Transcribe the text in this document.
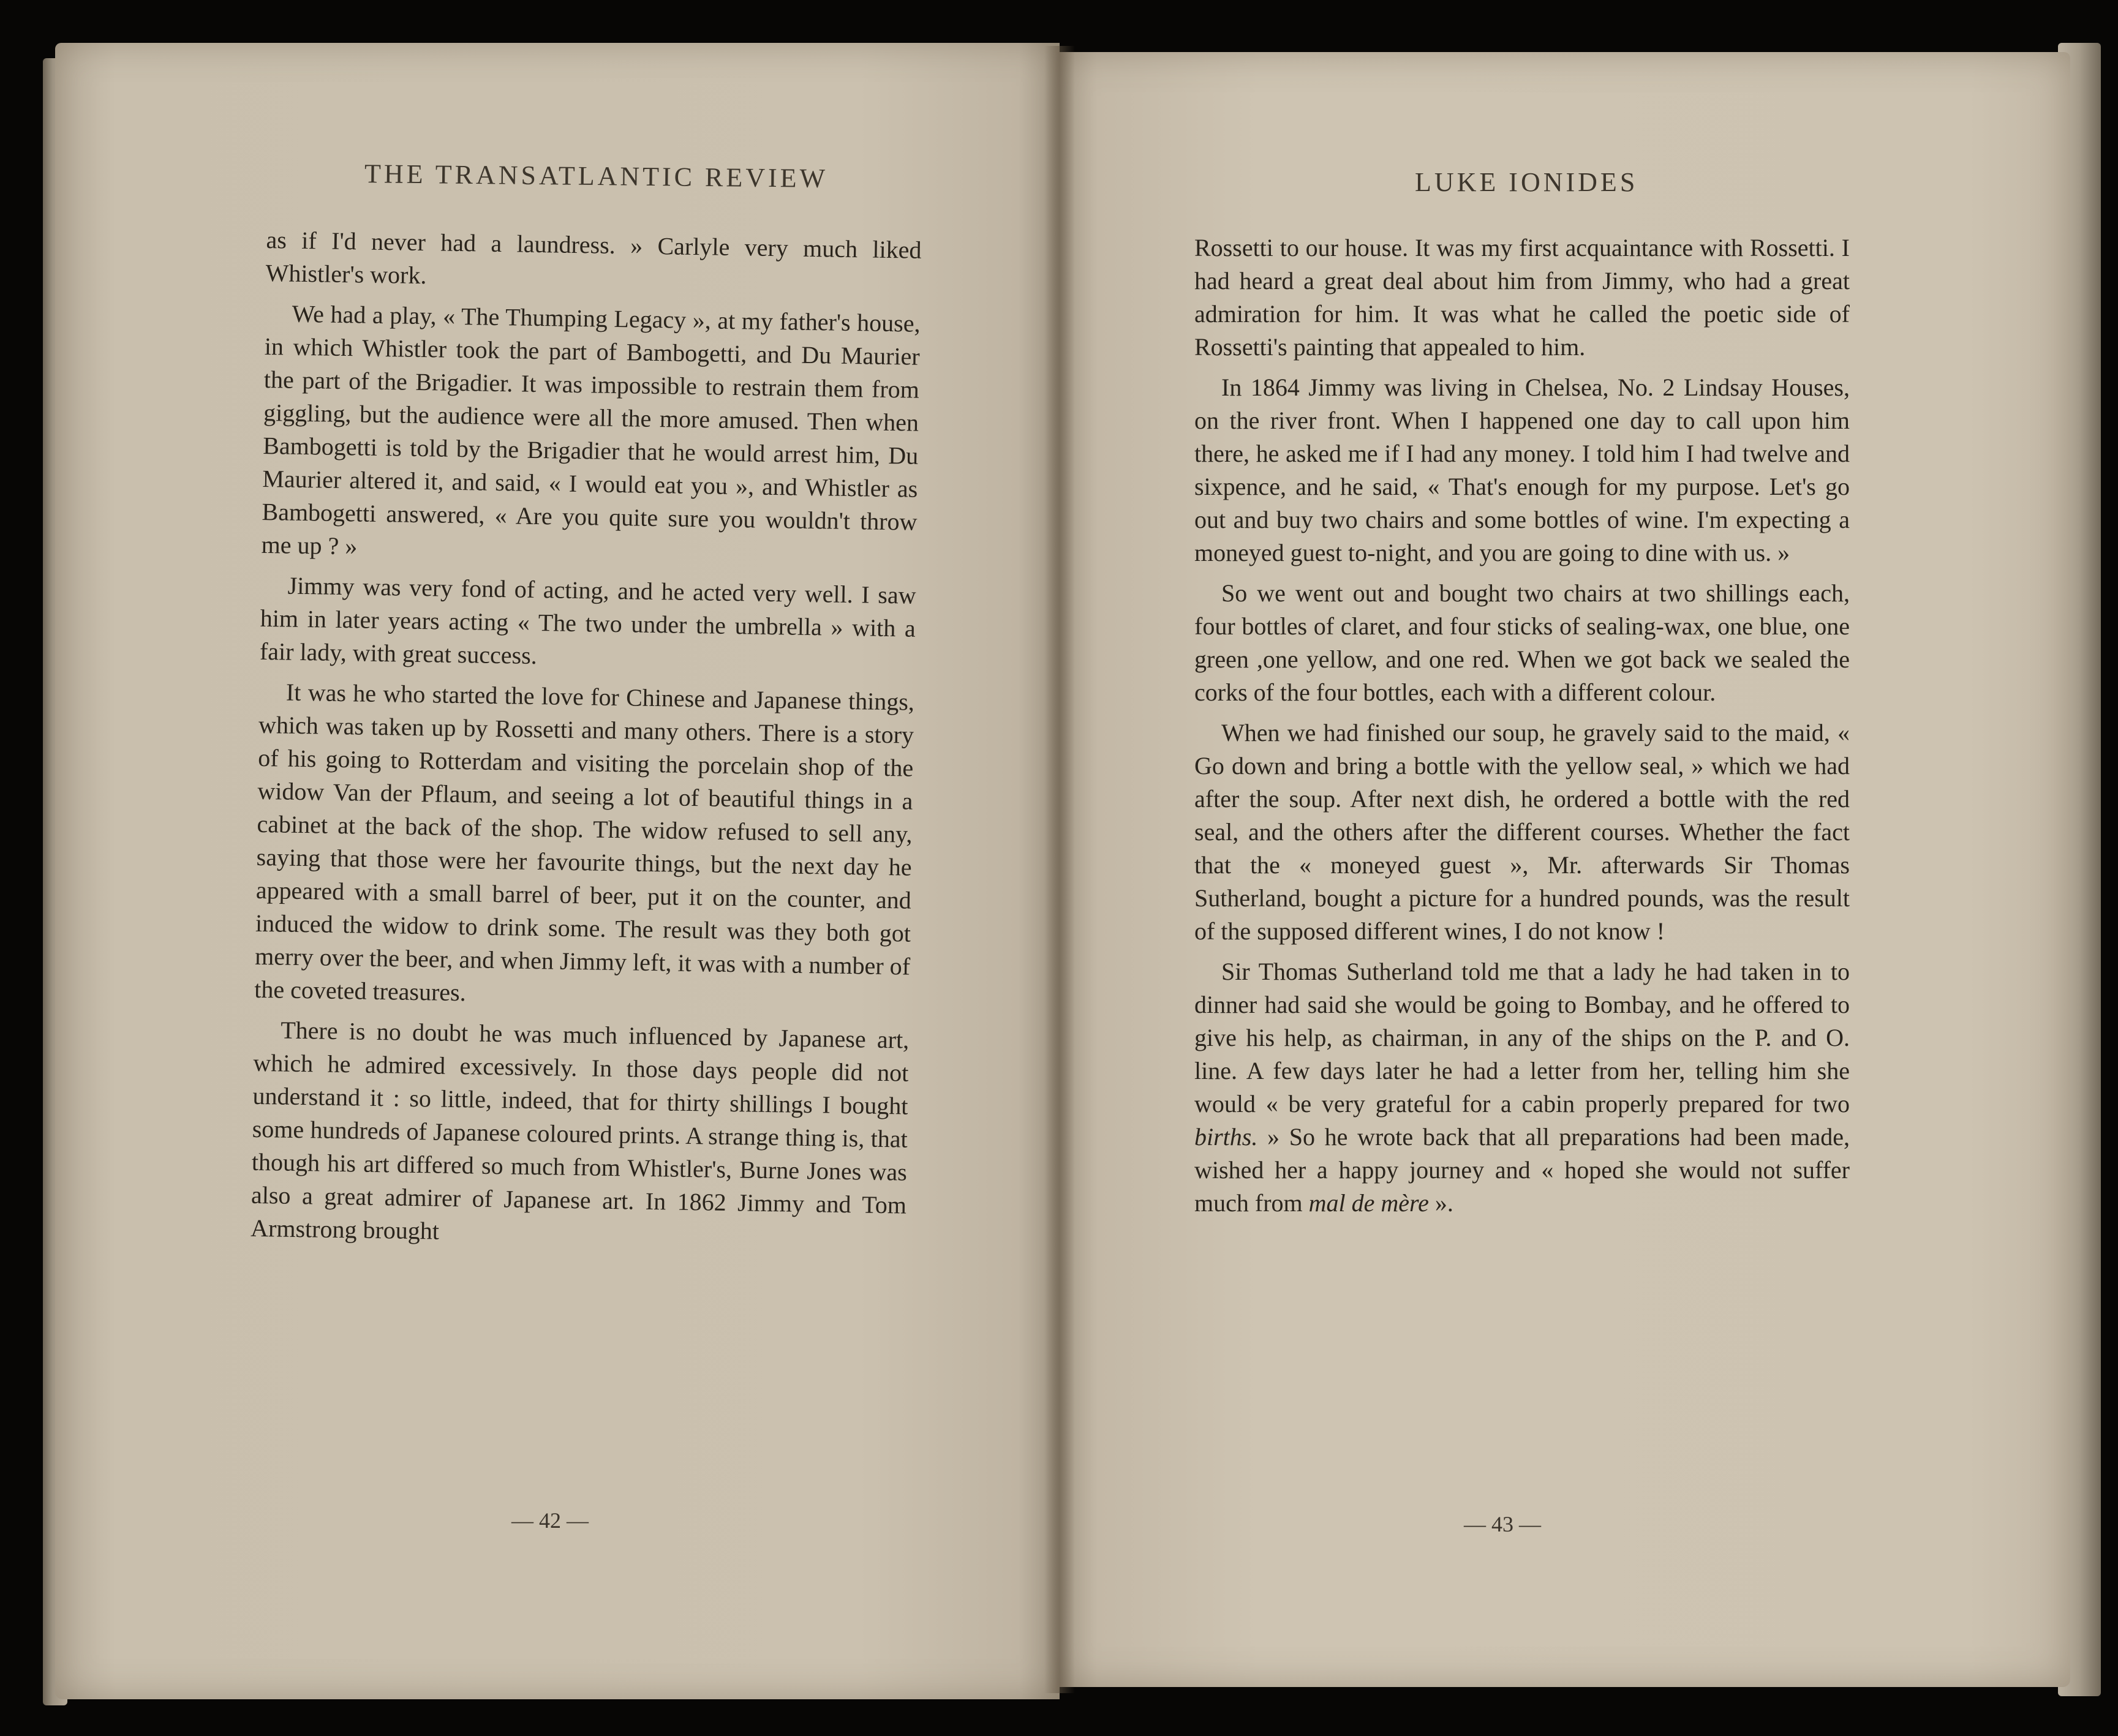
THE TRANSATLANTIC REVIEW	LUKE IONIDES

as if I'd never had a laundress. » Carlyle very much liked Whistler's work.

We had a play, « The Thumping Legacy », at my father's house, in which Whistler took the part of Bambogetti, and Du Maurier the part of the Brigadier. It was impossible to restrain them from giggling, but the audience were all the more amused. Then when Bambogetti is told by the Brigadier that he would arrest him, Du Maurier altered it, and said, « I would eat you », and Whistler as Bambogetti answered, « Are you quite sure you wouldn't throw me up ? »

Jimmy was very fond of acting, and he acted very well. I saw him in later years acting « The two under the umbrella » with a fair lady, with great success.

It was he who started the love for Chinese and Japanese things, which was taken up by Rossetti and many others. There is a story of his going to Rotterdam and visiting the porcelain shop of the widow Van der Pflaum, and seeing a lot of beautiful things in a cabinet at the back of the shop. The widow refused to sell any, saying that those were her favourite things, but the next day he appeared with a small barrel of beer, put it on the counter, and induced the widow to drink some. The result was they both got merry over the beer, and when Jimmy left, it was with a number of the coveted treasures.

There is no doubt he was much influenced by Japanese art, which he admired excessively. In those days people did not understand it : so little, indeed, that for thirty shillings I bought some hundreds of Japanese coloured prints. A strange thing is, that though his art differed so much from Whistler's, Burne Jones was also a great admirer of Japanese art. In 1862 Jimmy and Tom Armstrong brought

Rossetti to our house. It was my first acquaintance with Rossetti. I had heard a great deal about him from Jimmy, who had a great admiration for him. It was what he called the poetic side of Rossetti's painting that appealed to him.

In 1864 Jimmy was living in Chelsea, No. 2 Lindsay Houses, on the river front. When I happened one day to call upon him there, he asked me if I had any money. I told him I had twelve and sixpence, and he said, « That's enough for my purpose. Let's go out and buy two chairs and some bottles of wine. I'm expecting a moneyed guest to-night, and you are going to dine with us. »

So we went out and bought two chairs at two shillings each, four bottles of claret, and four sticks of sealing-wax, one blue, one green ,one yellow, and one red. When we got back we sealed the corks of the four bottles, each with a different colour.

When we had finished our soup, he gravely said to the maid, « Go down and bring a bottle with the yellow seal, » which we had after the soup. After next dish, he ordered a bottle with the red seal, and the others after the different courses. Whether the fact that the « moneyed guest », Mr. afterwards Sir Thomas Sutherland, bought a picture for a hundred pounds, was the result of the supposed different wines, I do not know !

Sir Thomas Sutherland told me that a lady he had taken in to dinner had said she would be going to Bombay, and he offered to give his help, as chairman, in any of the ships on the P. and O. line. A few days later he had a letter from her, telling him she would « be very grateful for a cabin properly prepared for two births. » So he wrote back that all preparations had been made, wished her a happy journey and « hoped she would not suffer much from mal de mère ».

— 42 —	— 43 —
